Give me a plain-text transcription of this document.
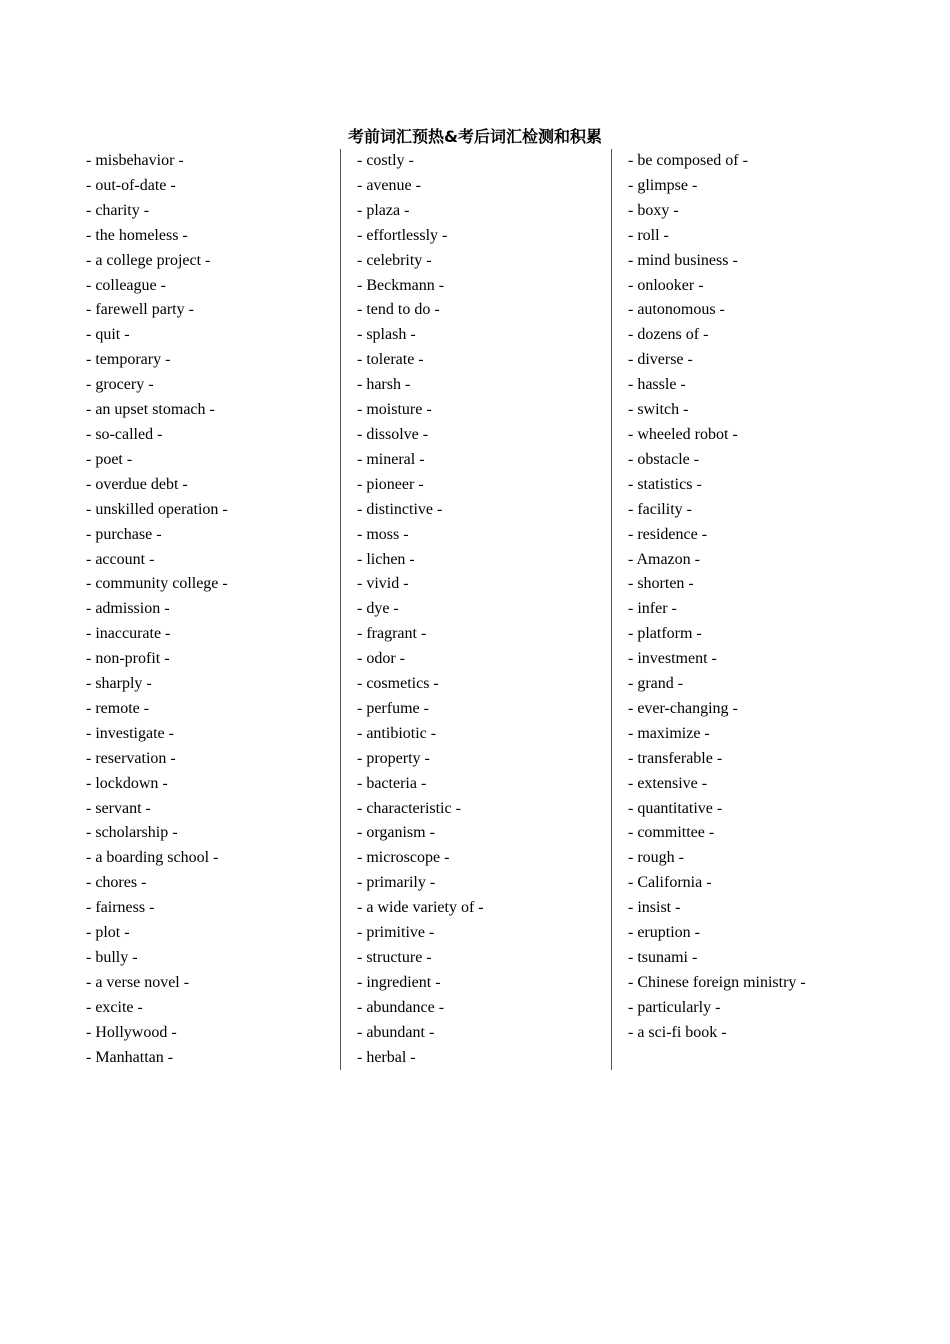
考前词汇预热&考后词汇检测和积累
- misbehavior -
- out-of-date -
- charity -
- the homeless -
- a college project -
- colleague -
- farewell party -
- quit -
- temporary -
- grocery -
- an upset stomach -
- so-called -
- poet -
- overdue debt -
- unskilled operation -
- purchase -
- account -
- community college -
- admission -
- inaccurate -
- non-profit -
- sharply -
- remote -
- investigate -
- reservation -
- lockdown -
- servant -
- scholarship -
- a boarding school -
- chores -
- fairness -
- plot -
- bully -
- a verse novel -
- excite -
- Hollywood -
- Manhattan -
- costly -
- avenue -
- plaza -
- effortlessly -
- celebrity -
- Beckmann -
- tend to do -
- splash -
- tolerate -
- harsh -
- moisture -
- dissolve -
- mineral -
- pioneer -
- distinctive -
- moss -
- lichen -
- vivid -
- dye -
- fragrant -
- odor -
- cosmetics -
- perfume -
- antibiotic -
- property -
- bacteria -
- characteristic -
- organism -
- microscope -
- primarily -
- a wide variety of -
- primitive -
- structure -
- ingredient -
- abundance -
- abundant -
- herbal -
- be composed of -
- glimpse -
- boxy -
- roll -
- mind business -
- onlooker -
- autonomous -
- dozens of -
- diverse -
- hassle -
- switch -
- wheeled robot -
- obstacle -
- statistics -
- facility -
- residence -
- Amazon -
- shorten -
- infer -
- platform -
- investment -
- grand -
- ever-changing -
- maximize -
- transferable -
- extensive -
- quantitative -
- committee -
- rough -
- California -
- insist -
- eruption -
- tsunami -
- Chinese foreign ministry -
- particularly -
- a sci-fi book -
